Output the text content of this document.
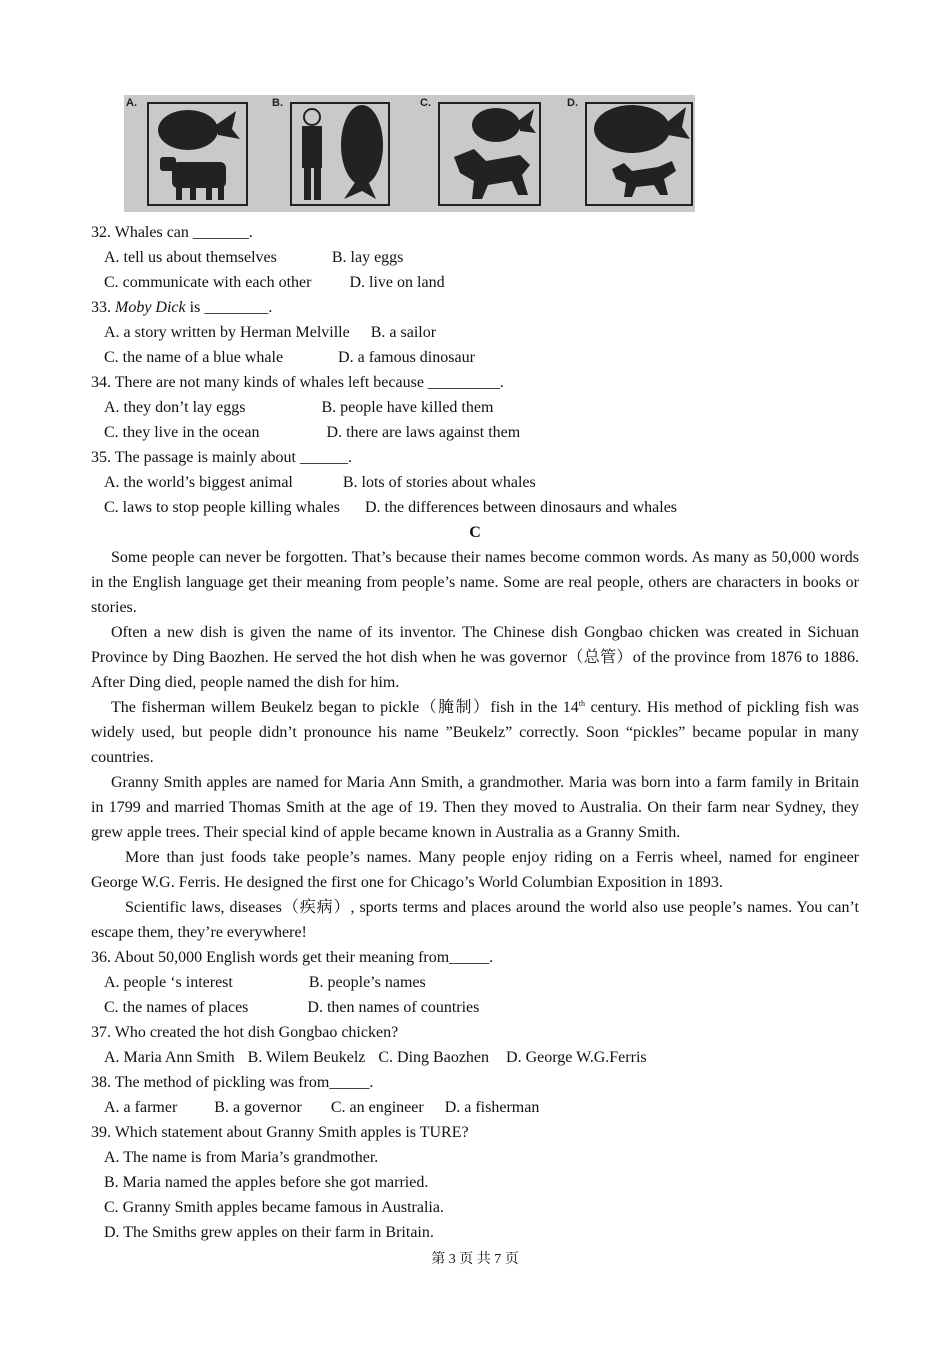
A.	B.	C.	D.
32. Whales can _______.
A. tell us about themselves	B. lay eggs
C. communicate with each other D. live on land
33. Moby Dick is ________.
A. a story written by Herman Melville B. a sailor
C. the name of a blue whale	D. a famous dinosaur
34. There are not many kinds of whales left because _________.
A. they don’t lay eggs	B. people have killed them
C. they live in the ocean	D. there are laws against them
35. The passage is mainly about ______.
A. the world’s biggest animal	B. lots of stories about whales
C. laws to stop people killing whales D. the differences between dinosaurs and whales
C
Some people can never be forgotten. That’s because their names become common words. As many as 50,000 words in the English language get their meaning from people’s name. Some are real people, others are characters in books or stories.
Often a new dish is given the name of its inventor. The Chinese dish Gongbao chicken was created in Sichuan Province by Ding Baozhen. He served the hot dish when he was governor（总管）of the province from 1876 to 1886. After Ding died, people named the dish for him.
The fisherman willem Beukelz began to pickle（腌制）fish in the 14th century. His method of pickling fish was widely used, but people didn’t pronounce his name ”Beukelz” correctly. Soon “pickles” became popular in many countries.
Granny Smith apples are named for Maria Ann Smith, a grandmother. Maria was born into a farm family in Britain in 1799 and married Thomas Smith at the age of 19. Then they moved to Australia. On their farm near Sydney, they grew apple trees. Their special kind of apple became known in Australia as a Granny Smith.
More than just foods take people’s names. Many people enjoy riding on a Ferris wheel, named for engineer George W.G. Ferris. He designed the first one for Chicago’s World Columbian Exposition in 1893.
Scientific laws, diseases（疾病）, sports terms and places around the world also use people’s names. You can’t escape them, they’re everywhere!
36. About 50,000 English words get their meaning from_____.
A. people ‘s interest	B. people’s names
C. the names of places	D. then names of countries
37. Who created the hot dish Gongbao chicken?
A. Maria Ann Smith B. Wilem Beukelz C. Ding Baozhen D. George W.G.Ferris
38. The method of pickling was from_____.
A. a farmer B. a governor C. an engineer D. a fisherman
39. Which statement about Granny Smith apples is TURE?
A. The name is from Maria’s grandmother.
B. Maria named the apples before she got married.
C. Granny Smith apples became famous in Australia.
D. The Smiths grew apples on their farm in Britain.
第 3 页 共 7 页
